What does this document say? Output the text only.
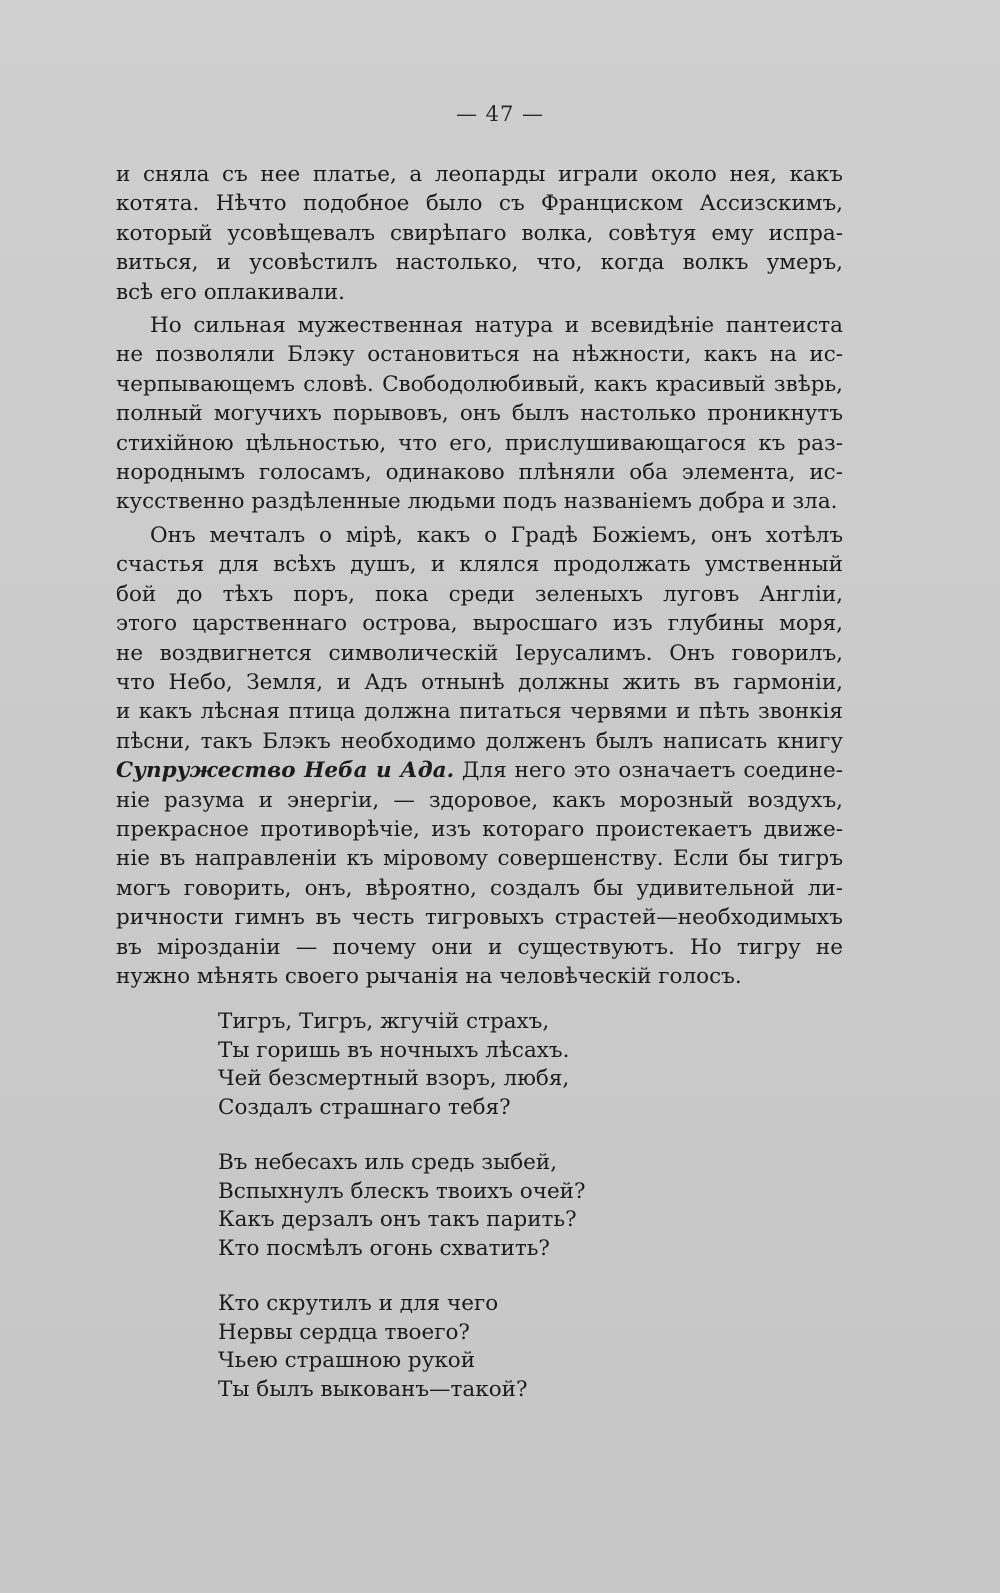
— 47 —
и сняла съ нее платье, а леопарды играли около нея, какъ
котята. Нѣчто подобное было съ Франциском Ассизскимъ,
который усовѣщевалъ свирѣпаго волка, совѣтуя ему испра-
виться, и усовѣстилъ настолько, что, когда волкъ умеръ,
всѣ его оплакивали.
Но сильная мужественная натура и всевидѣніе пантеиста
не позволяли Блэку остановиться на нѣжности, какъ на ис-
черпывающемъ словѣ. Свободолюбивый, какъ красивый звѣрь,
полный могучихъ порывовъ, онъ былъ настолько проникнутъ
стихійною цѣльностью, что его, прислушивающагося къ раз-
нороднымъ голосамъ, одинаково плѣняли оба элемента, ис-
кусственно раздѣленные людьми подъ названіемъ добра и зла.
Онъ мечталъ о мірѣ, какъ о Градѣ Божіемъ, онъ хотѣлъ
счастья для всѣхъ душъ, и клялся продолжать умственный
бой до тѣхъ поръ, пока среди зеленыхъ луговъ Англіи,
этого царственнаго острова, выросшаго изъ глубины моря,
не воздвигнется символическій Іерусалимъ. Онъ говорилъ,
что Небо, Земля, и Адъ отнынѣ должны жить въ гармоніи,
и какъ лѣсная птица должна питаться червями и пѣть звонкія
пѣсни, такъ Блэкъ необходимо долженъ былъ написать книгу
Супружество Неба и Ада. Для него это означаетъ соедине-
ніе разума и энергіи, — здоровое, какъ морозный воздухъ,
прекрасное противорѣчіе, изъ котораго проистекаетъ движе-
ніе въ направленіи къ міровому совершенству. Если бы тигръ
могъ говорить, онъ, вѣроятно, создалъ бы удивительной ли-
ричности гимнъ въ честь тигровыхъ страстей—необходимыхъ
въ мірозданіи — почему они и существуютъ. Но тигру не
нужно мѣнять своего рычанія на человѣческій голосъ.
Тигръ, Тигръ, жгучій страхъ,
Ты горишь въ ночныхъ лѣсахъ.
Чей безсмертный взоръ, любя,
Создалъ страшнаго тебя?
Въ небесахъ иль средь зыбей,
Вспыхнулъ блескъ твоихъ очей?
Какъ дерзалъ онъ такъ парить?
Кто посмѣлъ огонь схватить?
Кто скрутилъ и для чего
Нервы сердца твоего?
Чьею страшною рукой
Ты былъ выкованъ—такой?
